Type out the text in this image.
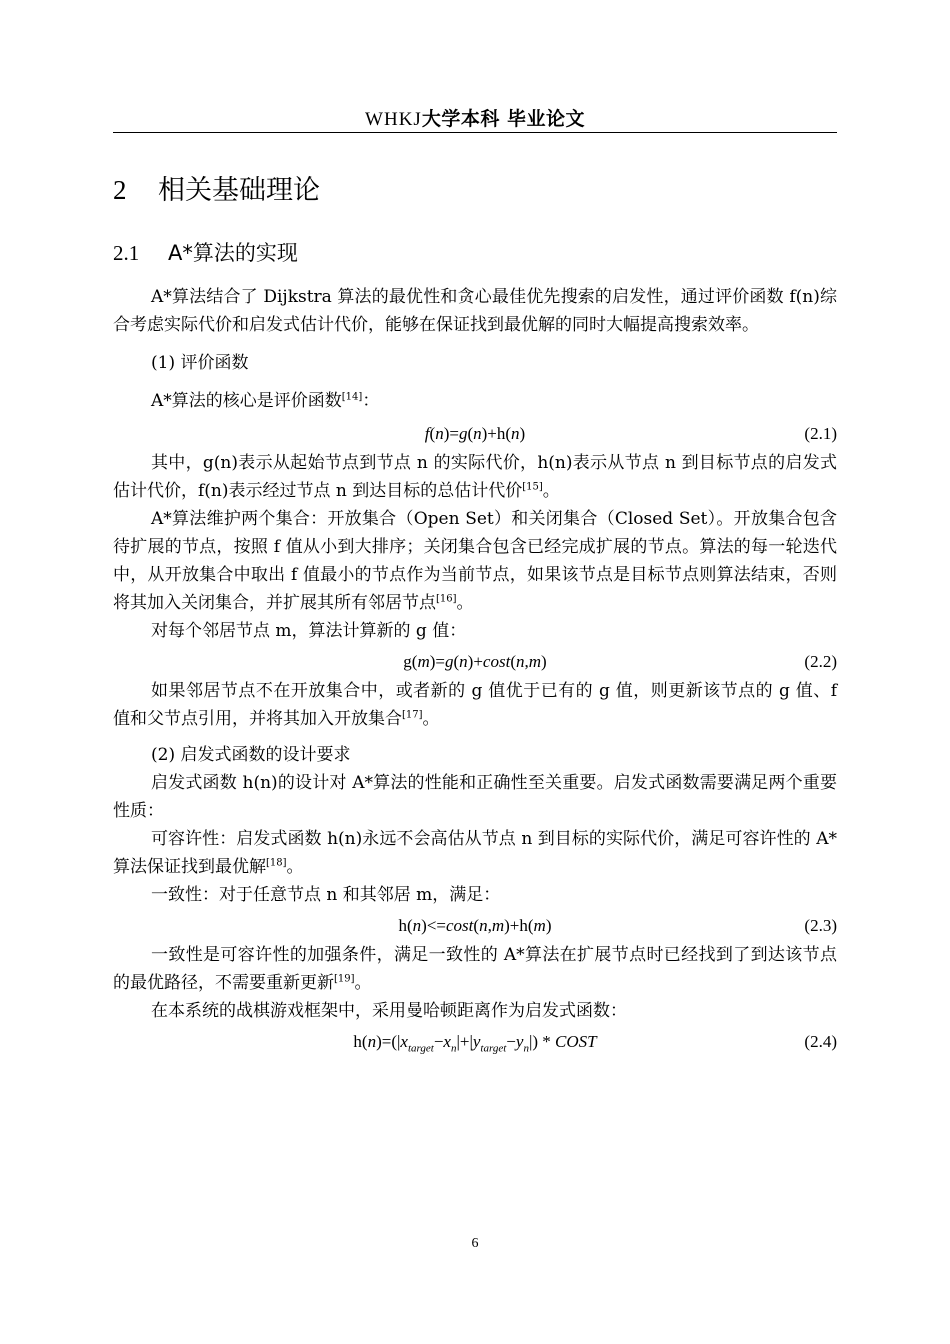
WHKJ大学本科 毕业论文
2 相关基础理论
2.1 A*算法的实现

A*算法结合了 Dijkstra 算法的最优性和贪心最佳优先搜索的启发性，通过评价函数 f(n)综合考虑实际代价和启发式估计代价，能够在保证找到最优解的同时大幅提高搜索效率。

(1) 评价函数

A*算法的核心是评价函数[14]：

f(n)=g(n)+h(n)	(2.1)

其中，g(n)表示从起始节点到节点 n 的实际代价，h(n)表示从节点 n 到目标节点的启发式估计代价，f(n)表示经过节点 n 到达目标的总估计代价[15]。

A*算法维护两个集合：开放集合（Open Set）和关闭集合（Closed Set）。开放集合包含待扩展的节点，按照 f 值从小到大排序；关闭集合包含已经完成扩展的节点。算法的每一轮迭代中，从开放集合中取出 f 值最小的节点作为当前节点，如果该节点是目标节点则算法结束，否则将其加入关闭集合，并扩展其所有邻居节点[16]。

对每个邻居节点 m，算法计算新的 g 值：

g(m)=g(n)+cost(n,m)	(2.2)

如果邻居节点不在开放集合中，或者新的 g 值优于已有的 g 值，则更新该节点的 g 值、f 值和父节点引用，并将其加入开放集合[17]。

(2) 启发式函数的设计要求

启发式函数 h(n)的设计对 A*算法的性能和正确性至关重要。启发式函数需要满足两个重要性质：

可容许性：启发式函数 h(n)永远不会高估从节点 n 到目标的实际代价，满足可容许性的 A*算法保证找到最优解[18]。

一致性：对于任意节点 n 和其邻居 m，满足：

h(n)<=cost(n,m)+h(m)	(2.3)

一致性是可容许性的加强条件，满足一致性的 A*算法在扩展节点时已经找到了到达该节点的最优路径，不需要重新更新[19]。

在本系统的战棋游戏框架中，采用曼哈顿距离作为启发式函数：

$h(n)=(|x_{target}-x_n|+|y_{target}-y_n|)$ * COST	(2.4)
6
